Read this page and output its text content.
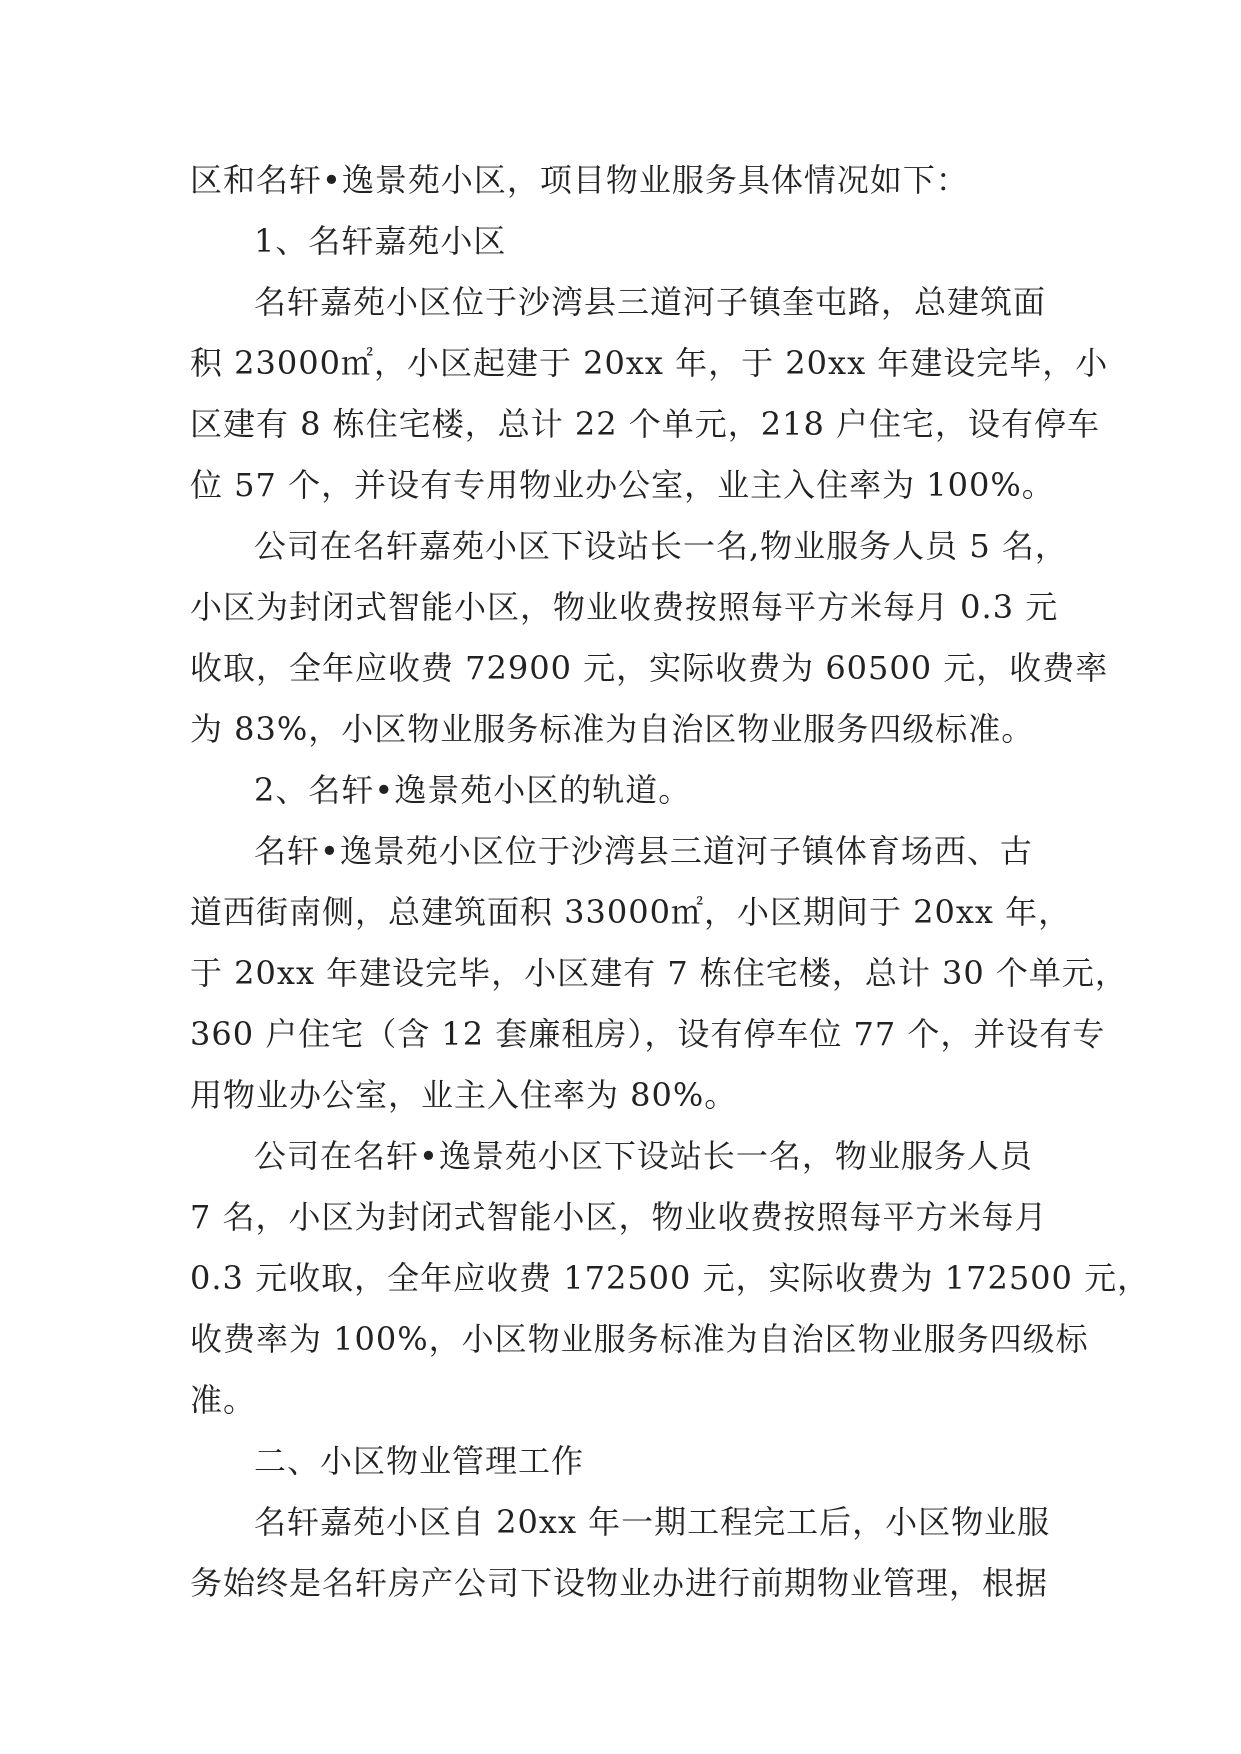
区和名轩•逸景苑小区，项目物业服务具体情况如下：
1、名轩嘉苑小区
名轩嘉苑小区位于沙湾县三道河子镇奎屯路，总建筑面
积 23000㎡，小区起建于 20xx 年，于 20xx 年建设完毕，小
区建有 8 栋住宅楼，总计 22 个单元，218 户住宅，设有停车
位 57 个，并设有专用物业办公室，业主入住率为 100%。
公司在名轩嘉苑小区下设站长一名,物业服务人员 5 名，
小区为封闭式智能小区，物业收费按照每平方米每月 0.3 元
收取，全年应收费 72900 元，实际收费为 60500 元，收费率
为 83%，小区物业服务标准为自治区物业服务四级标准。
2、名轩•逸景苑小区的轨道。
名轩•逸景苑小区位于沙湾县三道河子镇体育场西、古
道西街南侧，总建筑面积 33000㎡，小区期间于 20xx 年，
于 20xx 年建设完毕，小区建有 7 栋住宅楼，总计 30 个单元，
360 户住宅（含 12 套廉租房），设有停车位 77 个，并设有专
用物业办公室，业主入住率为 80%。
公司在名轩•逸景苑小区下设站长一名，物业服务人员
7 名，小区为封闭式智能小区，物业收费按照每平方米每月
0.3 元收取，全年应收费 172500 元，实际收费为 172500 元，
收费率为 100%，小区物业服务标准为自治区物业服务四级标
准。
二、小区物业管理工作
名轩嘉苑小区自 20xx 年一期工程完工后，小区物业服
务始终是名轩房产公司下设物业办进行前期物业管理，根据
